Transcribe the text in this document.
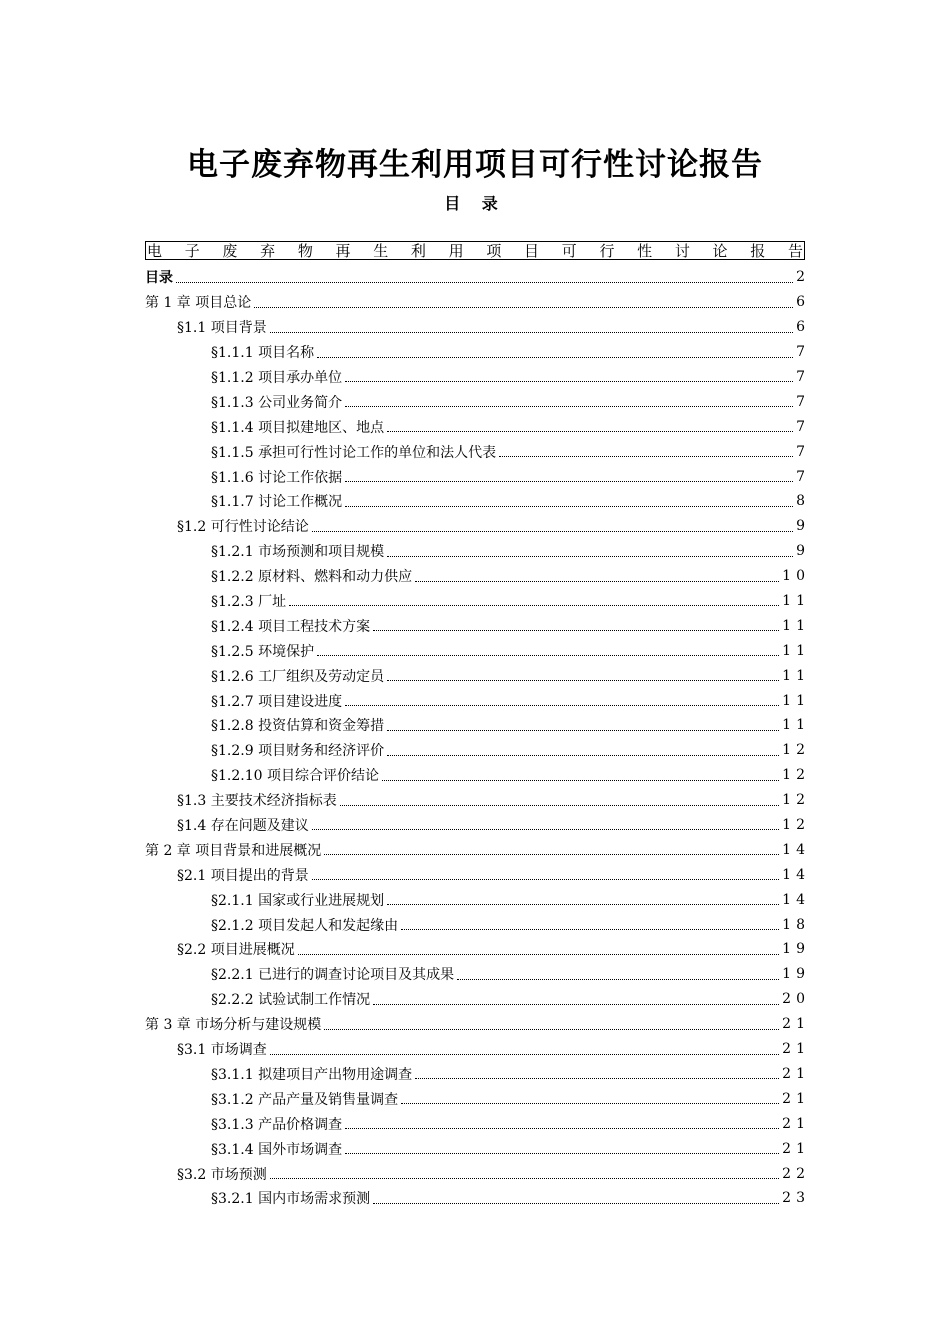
电子废弃物再生利用项目可行性讨论报告
目 录
电 子 废 弃 物 再 生 利 用 项 目 可 行 性 讨 论 报 告
目录	2
第 1 章 项目总论	6
§1.1 项目背景	6
§1.1.1 项目名称	7
§1.1.2 项目承办单位	7
§1.1.3 公司业务简介	7
§1.1.4 项目拟建地区、地点	7
§1.1.5 承担可行性讨论工作的单位和法人代表	7
§1.1.6 讨论工作依据	7
§1.1.7 讨论工作概况	8
§1.2 可行性讨论结论	9
§1.2.1 市场预测和项目规模	9
§1.2.2 原材料、燃料和动力供应	10
§1.2.3 厂址	11
§1.2.4 项目工程技术方案	11
§1.2.5 环境保护	11
§1.2.6 工厂组织及劳动定员	11
§1.2.7 项目建设进度	11
§1.2.8 投资估算和资金筹措	11
§1.2.9 项目财务和经济评价	12
§1.2.10 项目综合评价结论	12
§1.3 主要技术经济指标表	12
§1.4 存在问题及建议	12
第 2 章 项目背景和进展概况	14
§2.1 项目提出的背景	14
§2.1.1 国家或行业进展规划	14
§2.1.2 项目发起人和发起缘由	18
§2.2 项目进展概况	19
§2.2.1 已进行的调查讨论项目及其成果	19
§2.2.2 试验试制工作情况	20
第 3 章 市场分析与建设规模	21
§3.1 市场调查	21
§3.1.1 拟建项目产出物用途调查	21
§3.1.2 产品产量及销售量调查	21
§3.1.3 产品价格调查	21
§3.1.4 国外市场调查	21
§3.2 市场预测	22
§3.2.1 国内市场需求预测	23
